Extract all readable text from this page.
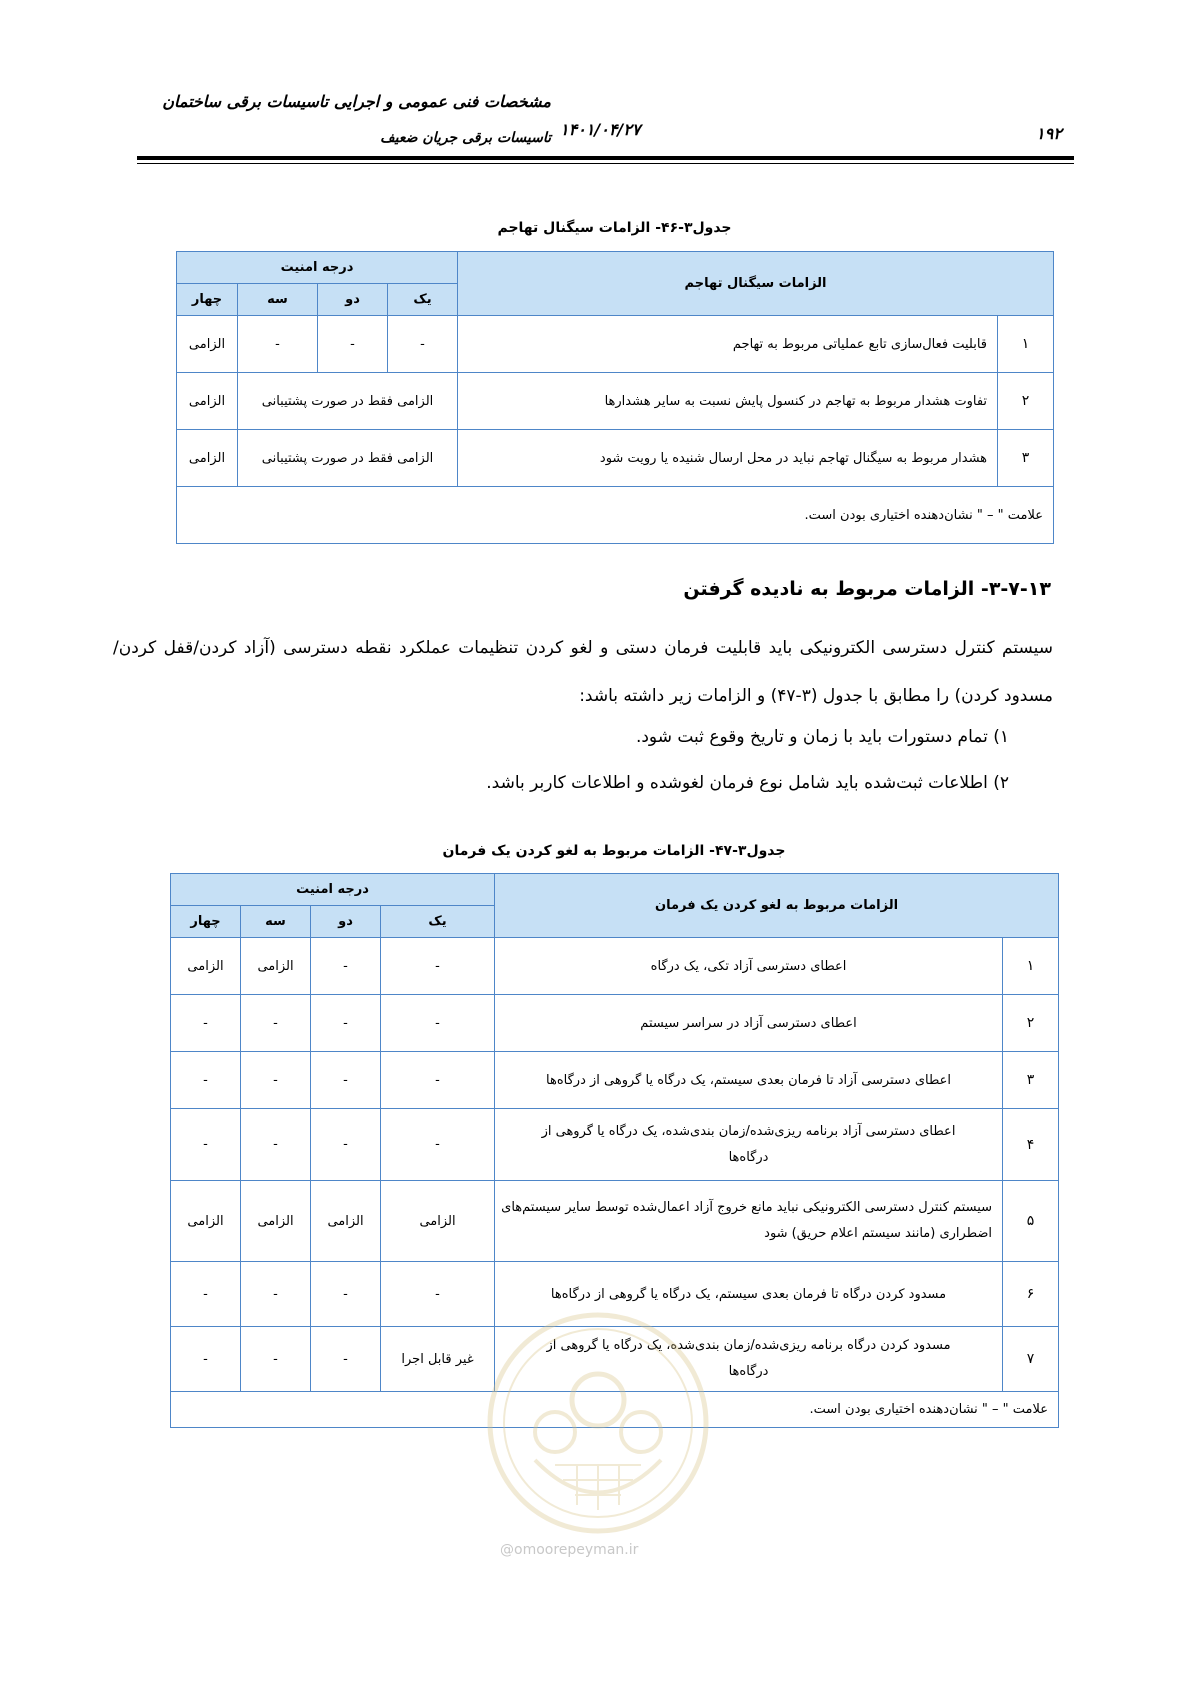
مشخصات فنی عمومی و اجرایی تاسیسات برقی ساختمان
تاسیسات برقی جریان ضعیف ۱۴۰۱/۰۴/۲۷	۱۹۲
جدول۳-۴۶- الزامات سیگنال تهاجم
الزامات سیگنال تهاجم		درجه امنیت			
		یک	دو	سه	چهار
۱	قابلیت فعال‌سازی تابع عملیاتی مربوط به تهاجم	-	-	-	الزامی
۲	تفاوت هشدار مربوط به تهاجم در کنسول پایش نسبت به سایر هشدارها	الزامی فقط در صورت پشتیبانی			الزامی
۳	هشدار مربوط به سیگنال تهاجم نباید در محل ارسال شنیده یا رویت شود	الزامی فقط در صورت پشتیبانی			الزامی
علامت " – " نشان‌دهنده اختیاری بودن است.					
۳-۷-۱۳- الزامات مربوط به نادیده گرفتن
سیستم کنترل دسترسی الکترونیکی باید قابلیت فرمان دستی و لغو کردن تنظیمات عملکرد نقطه دسترسی (آزاد کردن/قفل کردن/مسدود کردن) را مطابق با جدول (۳-۴۷) و الزامات زیر داشته باشد:
۱) تمام دستورات باید با زمان و تاریخ وقوع ثبت شود.
۲) اطلاعات ثبت‌شده باید شامل نوع فرمان لغوشده و اطلاعات کاربر باشد.
جدول۳-۴۷- الزامات مربوط به لغو کردن یک فرمان
الزامات مربوط به لغو کردن یک فرمان		درجه امنیت			
		یک	دو	سه	چهار
۱	اعطای دسترسی آزاد تکی، یک درگاه	-	-	الزامی	الزامی
۲	اعطای دسترسی آزاد در سراسر سیستم	-	-	-	-
۳	اعطای دسترسی آزاد تا فرمان بعدی سیستم، یک درگاه یا گروهی از درگاه‌ها	-	-	-	-
۴	اعطای دسترسی آزاد برنامه ریزی‌شده/زمان بندی‌شده، یک درگاه یا گروهی از درگاه‌ها	-	-	-	-
۵	سیستم کنترل دسترسی الکترونیکی نباید مانع خروج آزاد اعمال‌شده توسط سایر سیستم‌های اضطراری (مانند سیستم اعلام حریق) شود	الزامی	الزامی	الزامی	الزامی
۶	مسدود کردن درگاه تا فرمان بعدی سیستم، یک درگاه یا گروهی از درگاه‌ها	-	-	-	-
۷	مسدود کردن درگاه برنامه ریزی‌شده/زمان بندی‌شده، یک درگاه یا گروهی از درگاه‌ها	غیر قابل اجرا	-	-	-
علامت " – " نشان‌دهنده اختیاری بودن است.					
@omoorepeyman.ir
